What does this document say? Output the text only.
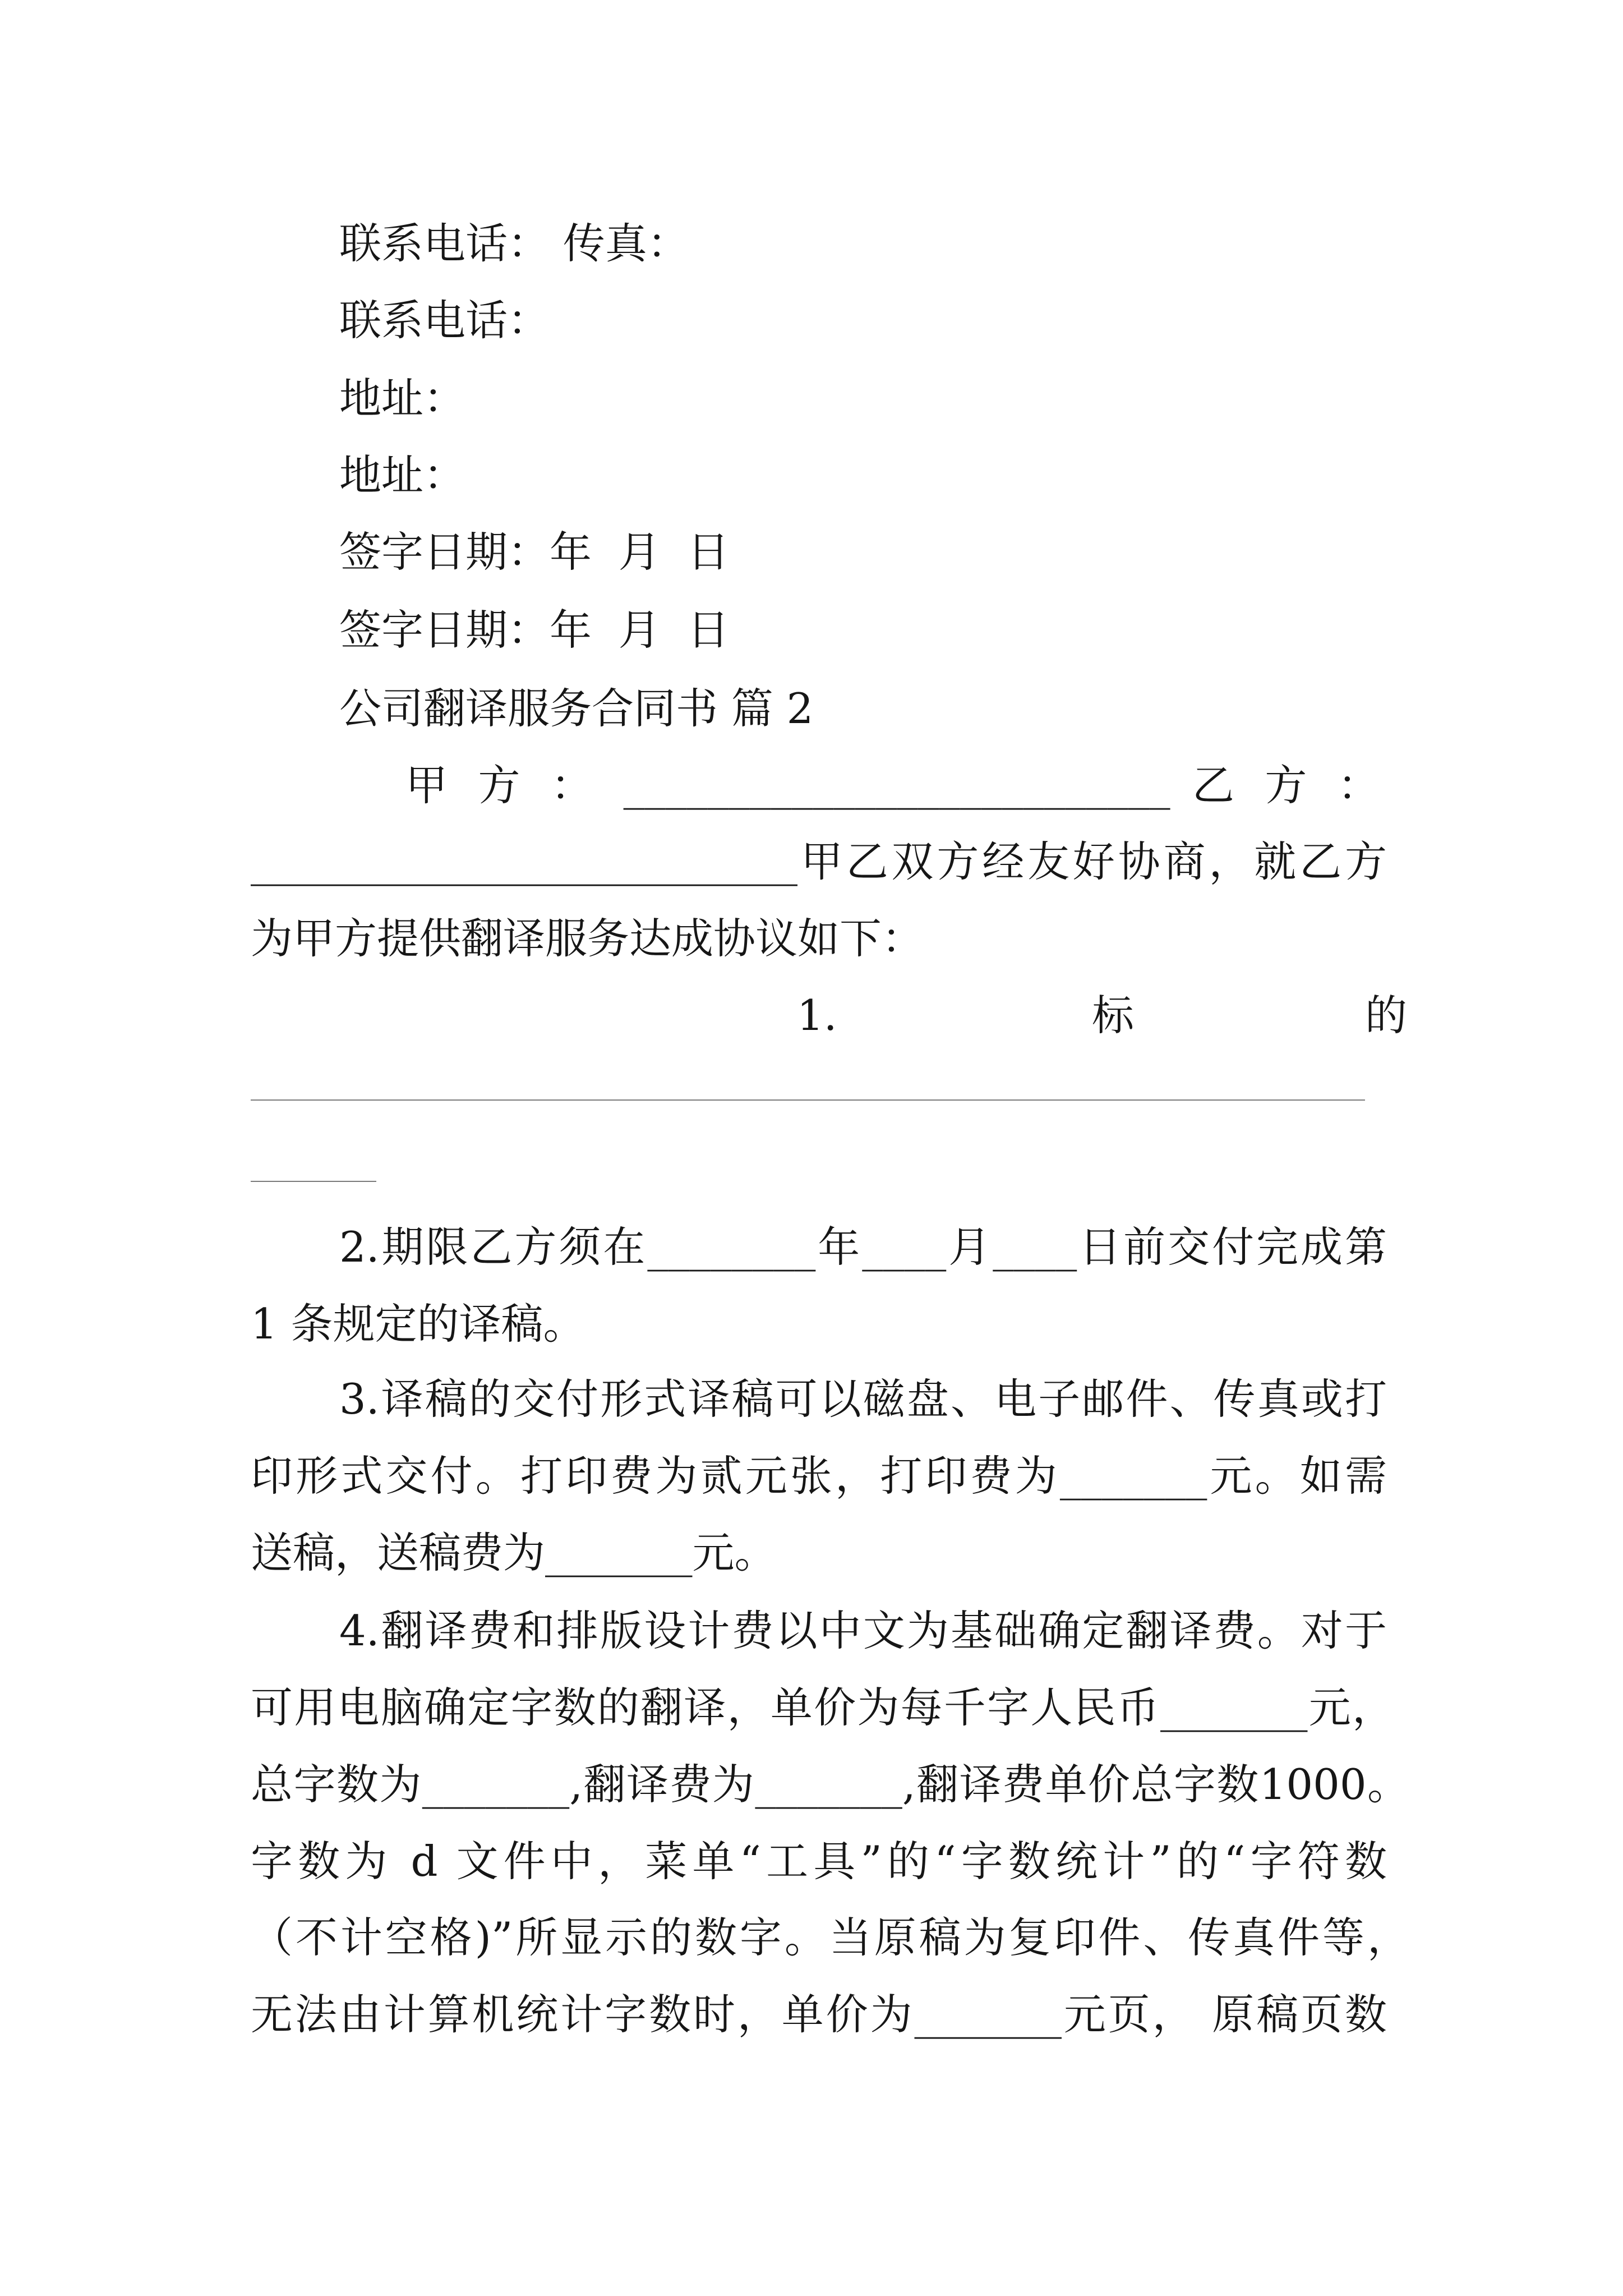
联系电话： 传真：
联系电话：
地址：
地址：
签字日期：年  月  日
签字日期：年  月  日
公司翻译服务合同书 篇 2
甲 方 ： __________________________ 乙 方 ：
__________________________甲乙双方经友好协商，就乙方
为甲方提供翻译服务达成协议如下：
1.	标	的
2.期限乙方须在________年____月____日前交付完成第
1 条规定的译稿。
3.译稿的交付形式译稿可以磁盘、电子邮件、传真或打
印形式交付。打印费为贰元张，打印费为_______元。如需
送稿，送稿费为_______元。
4.翻译费和排版设计费以中文为基础确定翻译费。对于
可用电脑确定字数的翻译，单价为每千字人民币_______元，
总字数为_______,翻译费为_______,翻译费单价总字数1000。
字数为 d 文件中，菜单“工具”的“字数统计”的“字符数
（不计空格)”所显示的数字。当原稿为复印件、传真件等，
无法由计算机统计字数时，单价为_______元页， 原稿页数
